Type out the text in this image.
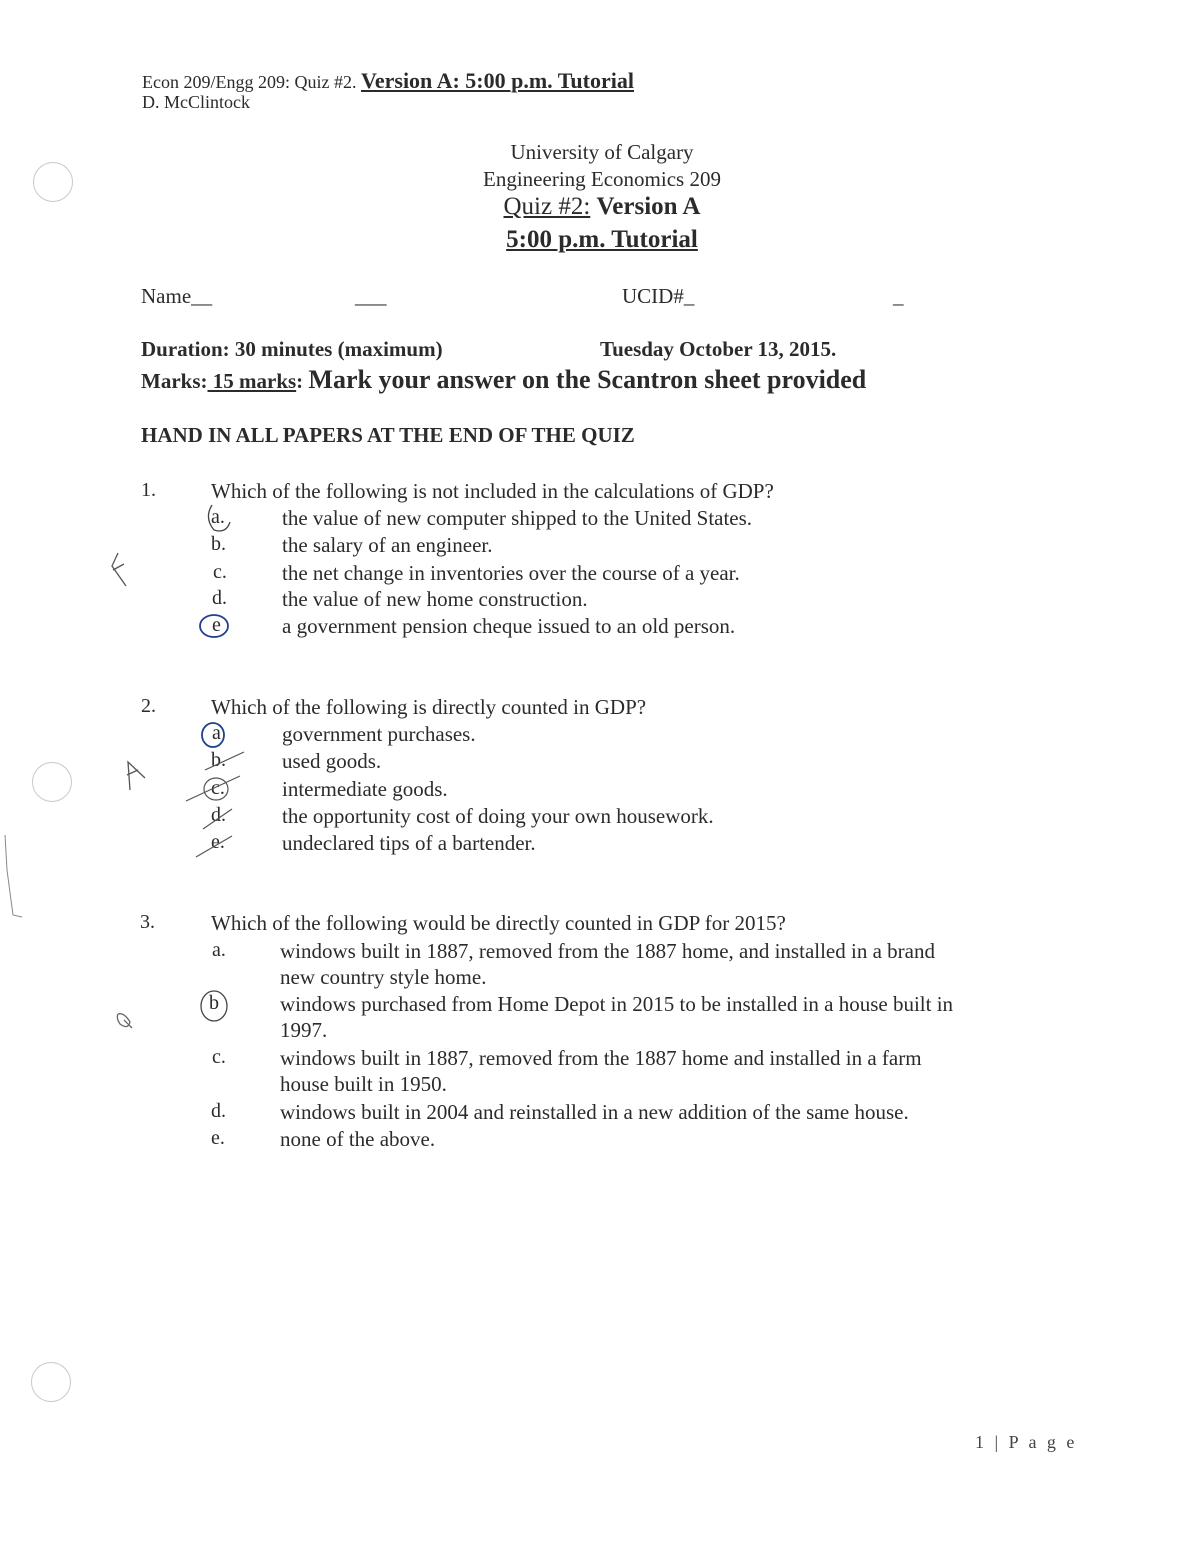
Econ 209/Engg 209: Quiz #2. Version A: 5:00 p.m. Tutorial
D. McClintock
University of Calgary
Engineering Economics 209
Quiz #2: Version A
5:00 p.m. Tutorial
Name__	___	UCID#_	_
Duration: 30 minutes (maximum)	Tuesday October 13, 2015.
Marks: 15 marks: Mark your answer on the Scantron sheet provided
HAND IN ALL PAPERS AT THE END OF THE QUIZ
1.	Which of the following is not included in the calculations of GDP?
a.	the value of new computer shipped to the United States.
b.	the salary of an engineer.
c.	the net change in inventories over the course of a year.
d.	the value of new home construction.
e	a government pension cheque issued to an old person.
2.	Which of the following is directly counted in GDP?
a	government purchases.
b.	used goods.
c.	intermediate goods.
d.	the opportunity cost of doing your own housework.
e.	undeclared tips of a bartender.
3.	Which of the following would be directly counted in GDP for 2015?
a.	windows built in 1887, removed from the 1887 home, and installed in a brand
new country style home.
b	windows purchased from Home Depot in 2015 to be installed in a house built in
1997.
c.	windows built in 1887, removed from the 1887 home and installed in a farm
house built in 1950.
d.	windows built in 2004 and reinstalled in a new addition of the same house.
e.	none of the above.
1 | P a g e
